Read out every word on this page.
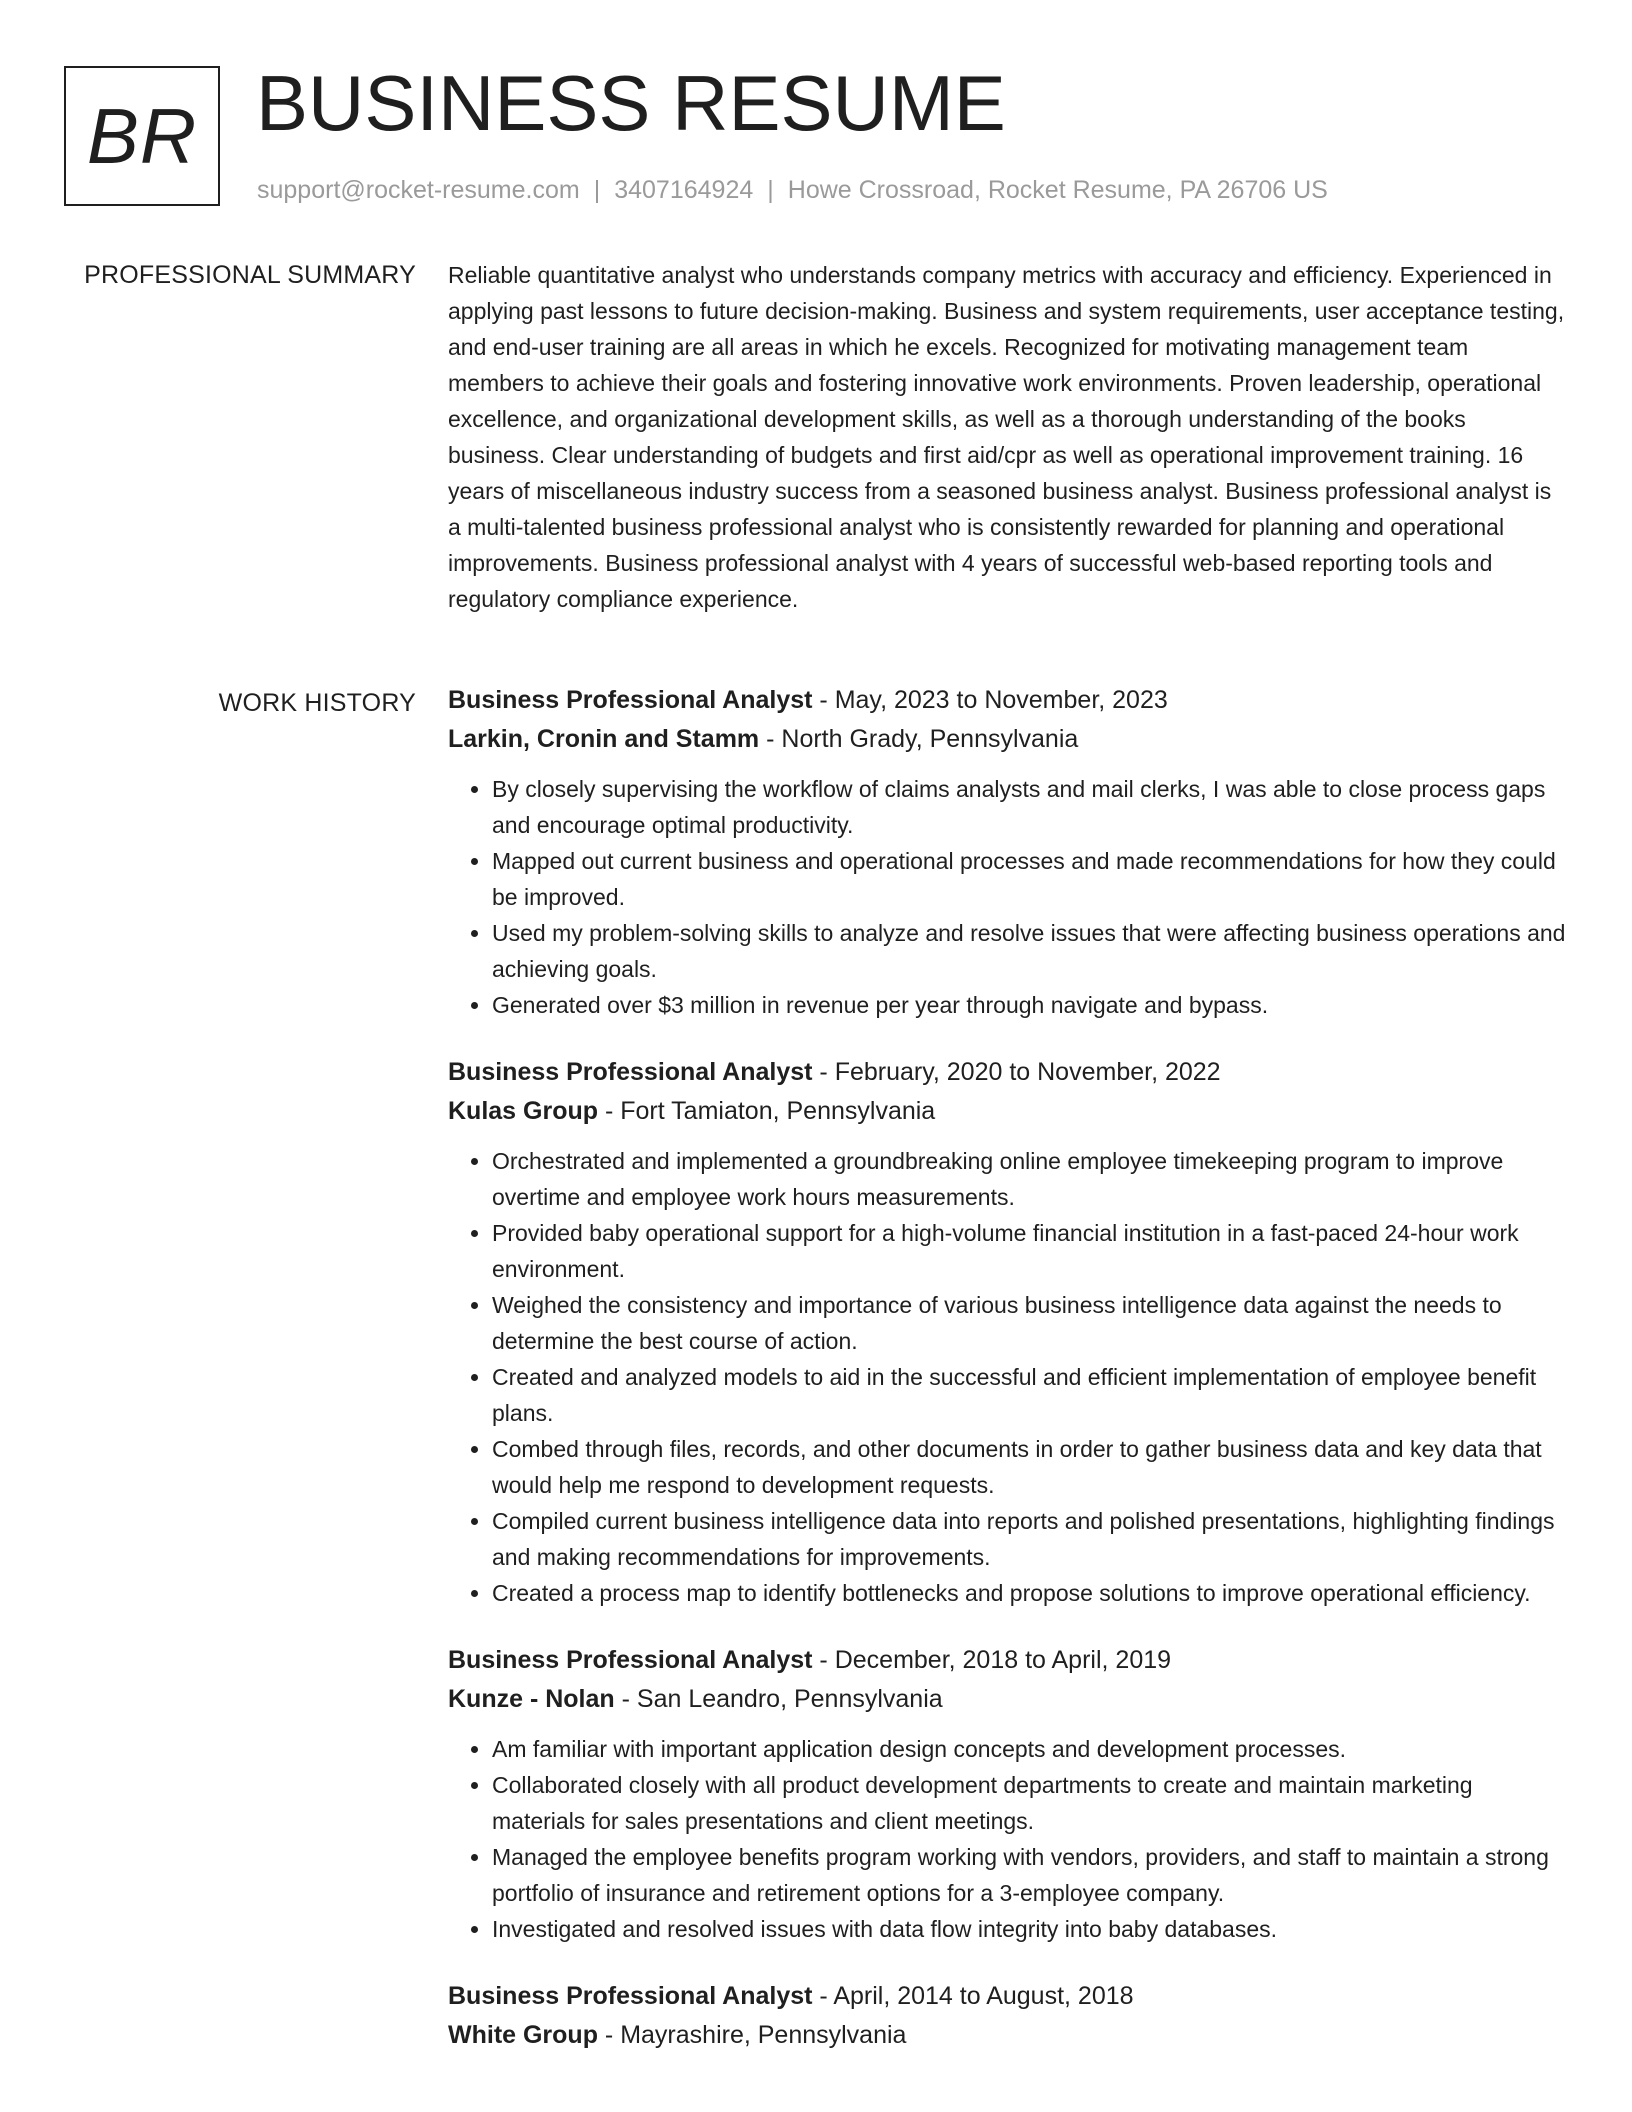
BR BUSINESS RESUME
support@rocket-resume.com | 3407164924 | Howe Crossroad, Rocket Resume, PA 26706 US
PROFESSIONAL SUMMARY Reliable quantitative analyst who understands company metrics with accuracy and efficiency. Experienced in applying past lessons to future decision-making. Business and system requirements, user acceptance testing, and end-user training are all areas in which he excels. Recognized for motivating management team members to achieve their goals and fostering innovative work environments. Proven leadership, operational excellence, and organizational development skills, as well as a thorough understanding of the books business. Clear understanding of budgets and first aid/cpr as well as operational improvement training. 16 years of miscellaneous industry success from a seasoned business analyst. Business professional analyst is a multi-talented business professional analyst who is consistently rewarded for planning and operational improvements. Business professional analyst with 4 years of successful web-based reporting tools and regulatory compliance experience.

WORK HISTORY Business Professional Analyst - May, 2023 to November, 2023
Larkin, Cronin and Stamm - North Grady, Pennsylvania
• By closely supervising the workflow of claims analysts and mail clerks, I was able to close process gaps and encourage optimal productivity.
• Mapped out current business and operational processes and made recommendations for how they could be improved.
• Used my problem-solving skills to analyze and resolve issues that were affecting business operations and achieving goals.
• Generated over $3 million in revenue per year through navigate and bypass.
Business Professional Analyst - February, 2020 to November, 2022
Kulas Group - Fort Tamiaton, Pennsylvania
• Orchestrated and implemented a groundbreaking online employee timekeeping program to improve overtime and employee work hours measurements.
• Provided baby operational support for a high-volume financial institution in a fast-paced 24-hour work environment.
• Weighed the consistency and importance of various business intelligence data against the needs to determine the best course of action.
• Created and analyzed models to aid in the successful and efficient implementation of employee benefit plans.
• Combed through files, records, and other documents in order to gather business data and key data that would help me respond to development requests.
• Compiled current business intelligence data into reports and polished presentations, highlighting findings and making recommendations for improvements.
• Created a process map to identify bottlenecks and propose solutions to improve operational efficiency.
Business Professional Analyst - December, 2018 to April, 2019
Kunze - Nolan - San Leandro, Pennsylvania
• Am familiar with important application design concepts and development processes.
• Collaborated closely with all product development departments to create and maintain marketing materials for sales presentations and client meetings.
• Managed the employee benefits program working with vendors, providers, and staff to maintain a strong portfolio of insurance and retirement options for a 3-employee company.
• Investigated and resolved issues with data flow integrity into baby databases.
Business Professional Analyst - April, 2014 to August, 2018
White Group - Mayrashire, Pennsylvania
